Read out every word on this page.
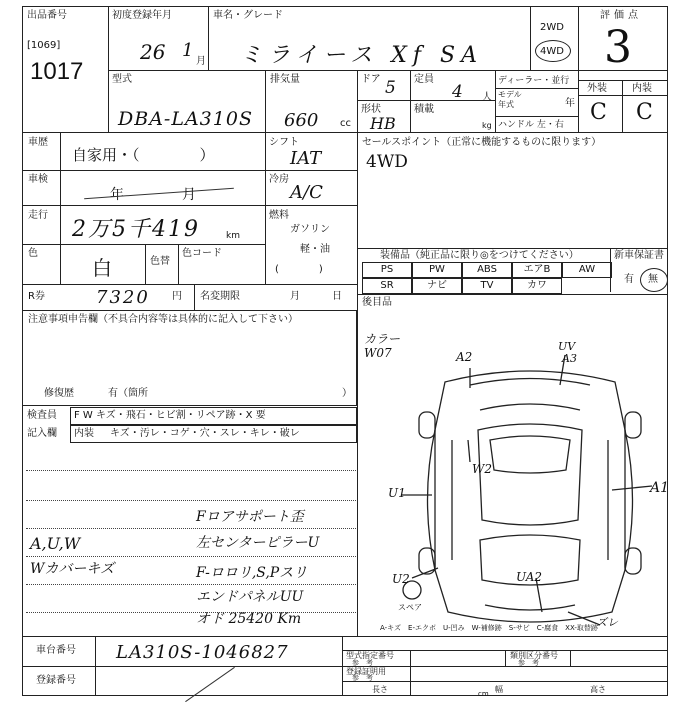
出品番号
[1069]
1017
初度登録年月
26 1
月
車名・グレード
ミライース Xf SA
2WD
4WD
評価点
3
型式
DBA-LA310S
排気量
660 cc
ドア 5 定員
4 人
形状
HB
積載
kg
ディーラー・並行
モデル
年式	年
ハンドル 左・右
外装	内装
C C
車歴
自家用・（　　　　）
車検
年　　月
走行
2万5千419	km
色
白	色替
色コード
R券	7320 円 名変期限	月	日
シフト
IAT
冷房
A/C
燃料
ガソリン
軽・油
(　　　　)
セールスポイント（正常に機能するものに限ります）
4WD
装備品（純正品に限り◎をつけてください）	新車保証書
有 無
PS	PW	ABS	エアB	AW
SR	ナビ	TV	カワ
後目品
注意事項申告欄（不具合内容等は具体的に記入して下さい）
修復歴	有（箇所	）
検査員
記入欄
F W キズ・飛石・ヒビ割・リペア跡・X 要
内装 キズ・汚レ・コゲ・穴・スレ・キレ・破レ
A,U,W
Wカバーキズ
Fロアサポート歪
左センターピラーU
F-ロロリ,S,Pスリ
エンドパネルUU
オド 25420 Km
カラー
W07	A2
UV
A3
W2
A1
U1
U2	UA2
ズレ
スペア
A-キズ　E-エクボ　U-凹み　W-補修跡　S-サビ　C-腐食　XX-取替跡
車台番号 LA310S-1046827
登録番号
型式指定番号
参　考
類別区分番号
参　考
登録証明用
参　考
長さ	幅	高さ
cm
